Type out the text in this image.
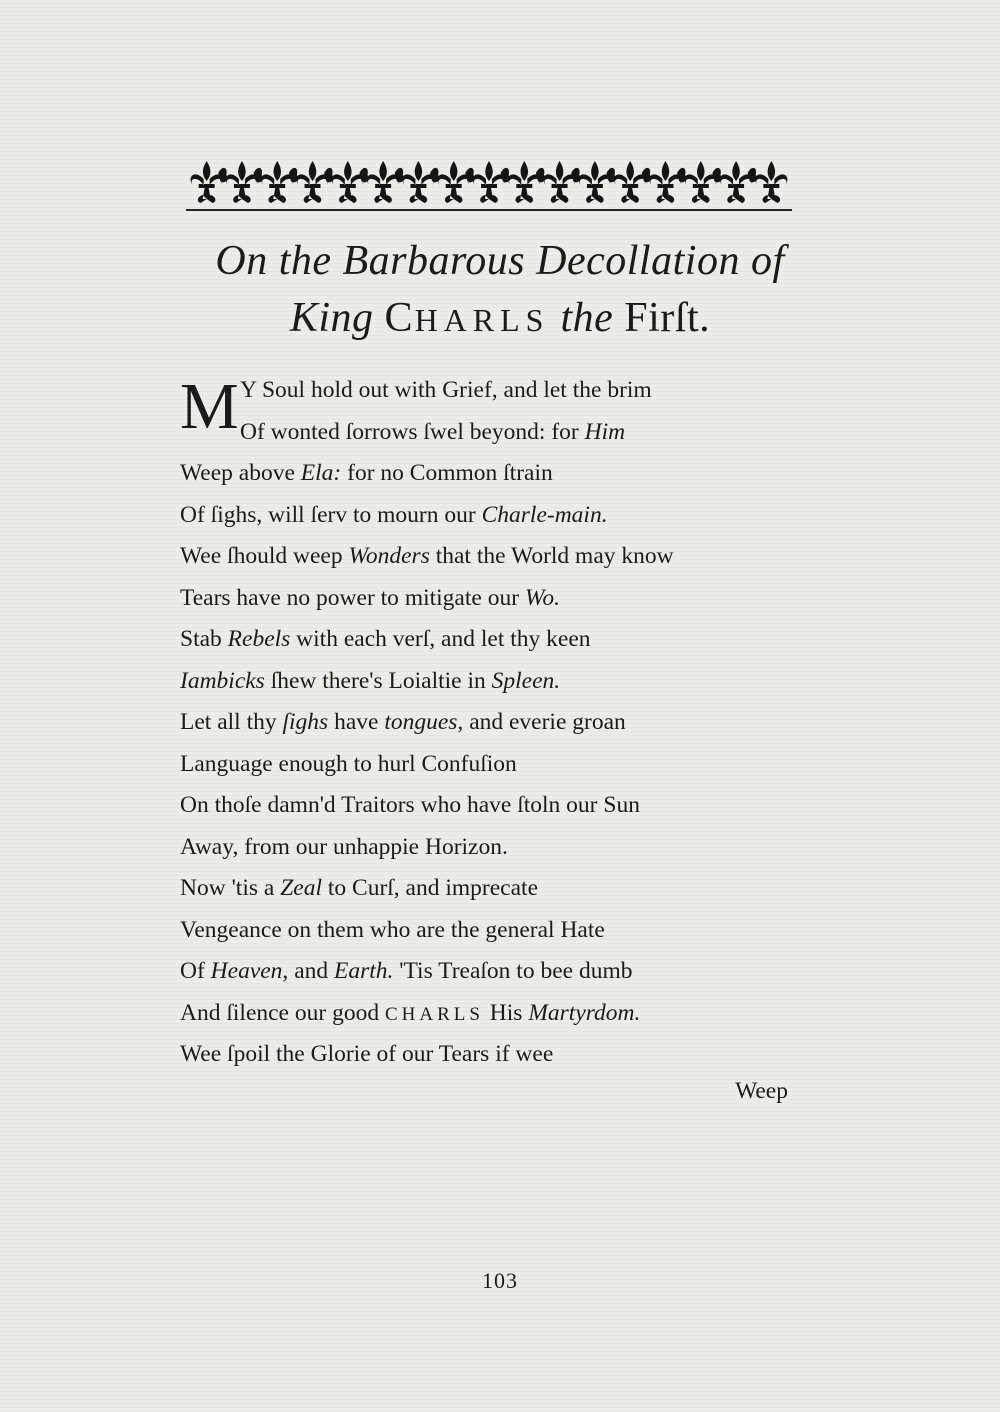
On the Barbarous Decollation of
King CHARLS the Firſt.
M Y Soul hold out with Grief, and let the brim
Of wonted ſorrows ſwel beyond: for Him
Weep above Ela: for no Common ſtrain
Of ſighs, will ſerv to mourn our Charle-main.
Wee ſhould weep Wonders that the World may know
Tears have no power to mitigate our Wo.
Stab Rebels with each verſ, and let thy keen
Iambicks ſhew there's Loialtie in Spleen.
Let all thy ſighs have tongues, and everie groan
Language enough to hurl Confuſion
On thoſe damn'd Traitors who have ſtoln our Sun
Away, from our unhappie Horizon.
Now 'tis a Zeal to Curſ, and imprecate
Vengeance on them who are the general Hate
Of Heaven, and Earth. 'Tis Treaſon to bee dumb
And ſilence our good CHARLS His Martyrdom.
Wee ſpoil the Glorie of our Tears if wee
Weep
103
